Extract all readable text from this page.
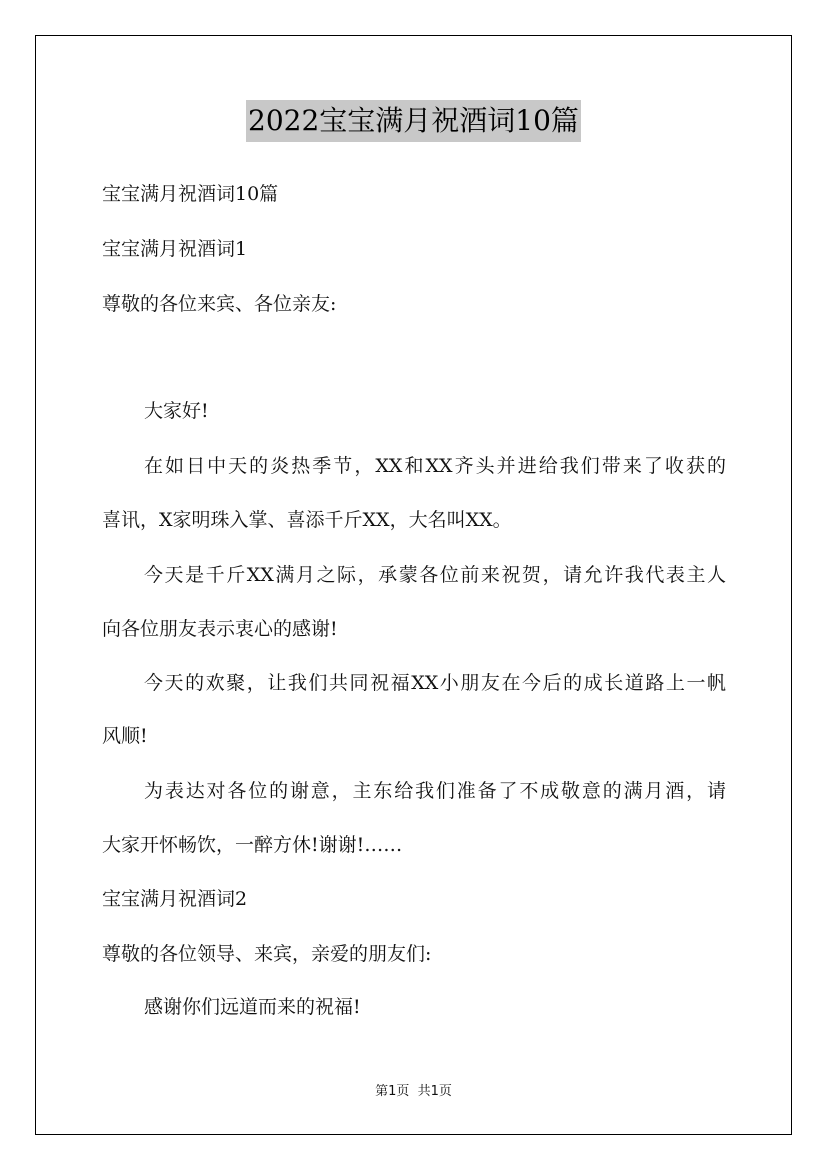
2022宝宝满月祝酒词10篇
宝宝满月祝酒词10篇
宝宝满月祝酒词1
尊敬的各位来宾、各位亲友:
大家好!
在如日中天的炎热季节，XX和XX齐头并进给我们带来了收获的
喜讯，X家明珠入掌、喜添千斤XX，大名叫XX。
今天是千斤XX满月之际，承蒙各位前来祝贺，请允许我代表主人
向各位朋友表示衷心的感谢!
今天的欢聚，让我们共同祝福XX小朋友在今后的成长道路上一帆
风顺!
为表达对各位的谢意，主东给我们准备了不成敬意的满月酒，请
大家开怀畅饮，一醉方休!谢谢!……
宝宝满月祝酒词2
尊敬的各位领导、来宾，亲爱的朋友们:
感谢你们远道而来的祝福!
第1页 共1页
